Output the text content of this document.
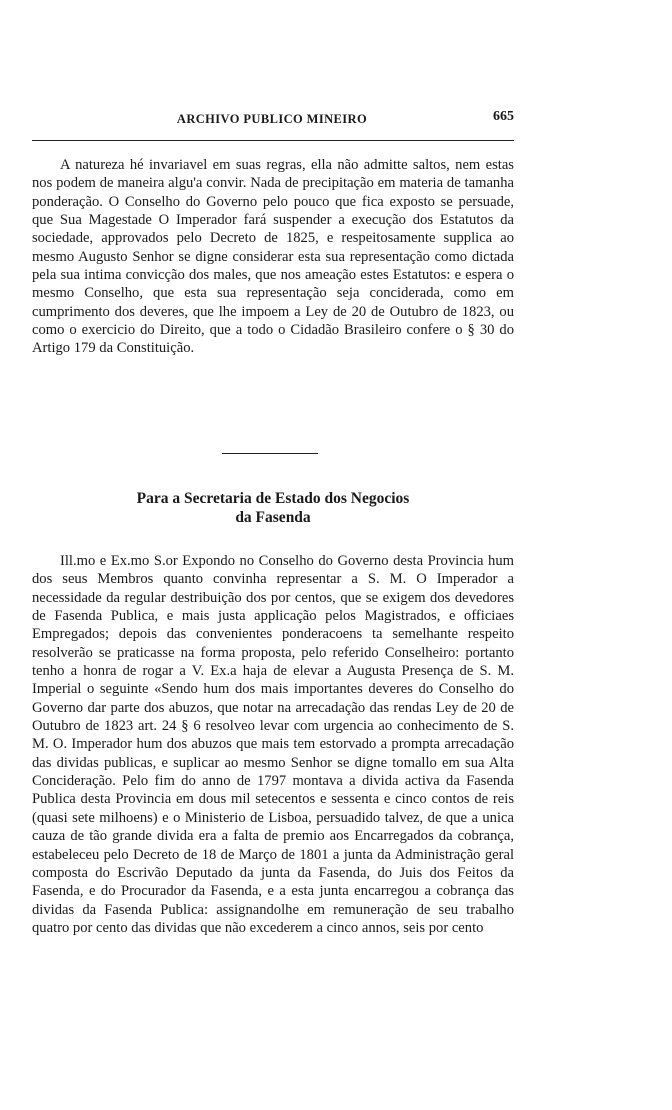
ARCHIVO PUBLICO MINEIRO	665

A natureza hé invariavel em suas regras, ella não admitte saltos, nem estas nos podem de maneira algu'a convir. Nada de precipitação em materia de tamanha ponderação. O Conselho do Governo pelo pouco que fica exposto se persuade, que Sua Magestade O Imperador fará suspender a execução dos Estatutos da sociedade, approvados pelo Decreto de 1825, e respeitosamente supplica ao mesmo Augusto Senhor se digne considerar esta sua representação como dictada pela sua intima convicção dos males, que nos ameação estes Estatutos: e espera o mesmo Conselho, que esta sua representação seja conciderada, como em cumprimento dos deveres, que lhe impoem a Ley de 20 de Outubro de 1823, ou como o exercicio do Direito, que a todo o Cidadão Brasileiro confere o § 30 do Artigo 179 da Constituição.

Para a Secretaria de Estado dos Negocios
da Fasenda

Ill.mo e Ex.mo S.or Expondo no Conselho do Governo desta Provincia hum dos seus Membros quanto convinha representar a S. M. O Imperador a necessidade da regular destribuição dos por centos, que se exigem dos devedores de Fasenda Publica, e mais justa applicação pelos Magistrados, e officiaes Empregados; depois das convenientes ponderacoens ta semelhante respeito resolverão se praticasse na forma proposta, pelo referido Conselheiro: portanto tenho a honra de rogar a V. Ex.a haja de elevar a Augusta Presença de S. M. Imperial o seguinte «Sendo hum dos mais importantes deveres do Conselho do Governo dar parte dos abuzos, que notar na arrecadação das rendas Ley de 20 de Outubro de 1823 art. 24 § 6 resolveo levar com urgencia ao conhecimento de S. M. O. Imperador hum dos abuzos que mais tem estorvado a prompta arrecadação das dividas publicas, e suplicar ao mesmo Senhor se digne tomallo em sua Alta Concideração. Pelo fim do anno de 1797 montava a divida activa da Fasenda Publica desta Provincia em dous mil setecentos e sessenta e cinco contos de reis (quasi sete milhoens) e o Ministerio de Lisboa, persuadido talvez, de que a unica cauza de tão grande divida era a falta de premio aos Encarregados da cobrança, estabeleceu pelo Decreto de 18 de Março de 1801 a junta da Administração geral composta do Escrivão Deputado da junta da Fasenda, do Juis dos Feitos da Fasenda, e do Procurador da Fasenda, e a esta junta encarregou a cobrança das dividas da Fasenda Publica: assignandolhe em remuneração de seu trabalho quatro por cento das dividas que não excederem a cinco annos, seis por cento
